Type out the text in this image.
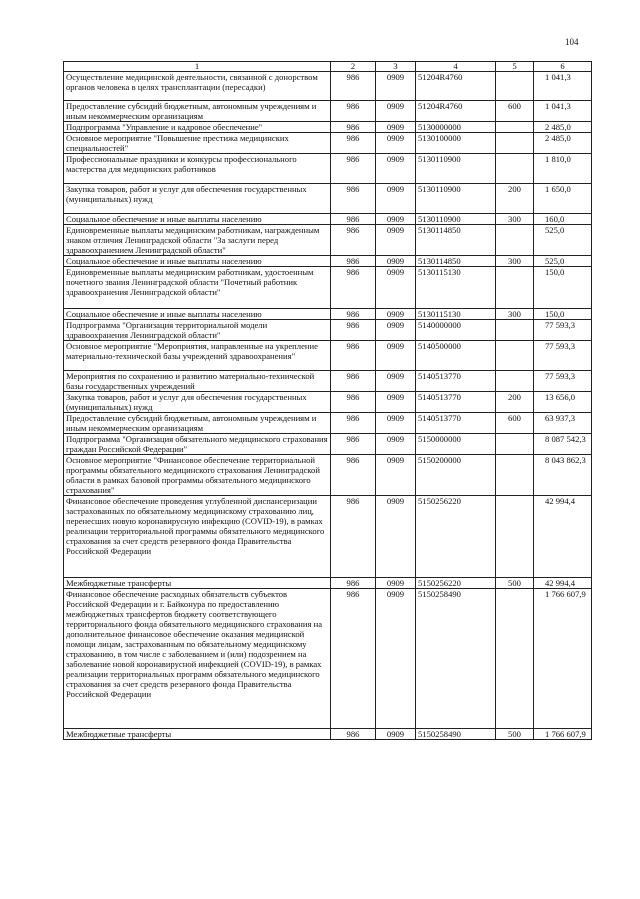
104
1	2	3	4	5	6
Осуществление медицинской деятельности, связанной с донорством органов человека в целях трансплантации (пересадки)	986	0909	51204R4760		1 041,3
Предоставление субсидий бюджетным, автономным учреждениям и иным некоммерческим организациям	986	0909	51204R4760	600	1 041,3
Подпрограмма "Управление и кадровое обеспечение"	986	0909	5130000000		2 485,0
Основное мероприятие "Повышение престижа медицинских специальностей"	986	0909	5130100000		2 485,0
Профессиональные праздники и конкурсы профессионального мастерства для медицинских работников	986	0909	5130110900		1 810,0
Закупка товаров, работ и услуг для обеспечения государственных (муниципальных) нужд	986	0909	5130110900	200	1 650,0
Социальное обеспечение и иные выплаты населению	986	0909	5130110900	300	160,0
Единовременные выплаты медицинским работникам, награжденным знаком отличия Ленинградской области "За заслуги перед здравоохранением Ленинградской области"	986	0909	5130114850		525,0
Социальное обеспечение и иные выплаты населению	986	0909	5130114850	300	525,0
Единовременные выплаты медицинским работникам, удостоенным почетного звания Ленинградской области "Почетный работник здравоохранения Ленинградской области"	986	0909	5130115130		150,0
Социальное обеспечение и иные выплаты населению	986	0909	5130115130	300	150,0
Подпрограмма "Организация территориальной модели здравоохранения Ленинградской области"	986	0909	5140000000		77 593,3
Основное мероприятие "Мероприятия, направленные на укрепление материально-технической базы учреждений здравоохранения"	986	0909	5140500000		77 593,3
Мероприятия по сохранению и развитию материально-технической базы государственных учреждений	986	0909	5140513770		77 593,3
Закупка товаров, работ и услуг для обеспечения государственных (муниципальных) нужд	986	0909	5140513770	200	13 656,0
Предоставление субсидий бюджетным, автономным учреждениям и иным некоммерческим организациям	986	0909	5140513770	600	63 937,3
Подпрограмма "Организация обязательного медицинского страхования граждан Российской Федерации"	986	0909	5150000000		8 087 542,3
Основное мероприятие "Финансовое обеспечение территориальной программы обязательного медицинского страхования Ленинградской области в рамках базовой программы обязательного медицинского страхования"	986	0909	5150200000		8 043 862,3
Финансовое обеспечение проведения углубленной диспансеризации застрахованных по обязательному медицинскому страхованию лиц, перенесших новую коронавирусную инфекцию (COVID-19), в рамках реализации территориальной программы обязательного медицинского страхования за счет средств резервного фонда Правительства Российской Федерации	986	0909	5150256220		42 994,4
Межбюджетные трансферты	986	0909	5150256220	500	42 994,4
Финансовое обеспечение расходных обязательств субъектов Российской Федерации и г. Байконура по предоставлению межбюджетных трансфертов бюджету соответствующего территориального фонда обязательного медицинского страхования на дополнительное финансовое обеспечение оказания медицинской помощи лицам, застрахованным по обязательному медицинскому страхованию, в том числе с заболеванием и (или) подозрением на заболевание новой коронавирусной инфекцией (COVID-19), в рамках реализации территориальных программ обязательного медицинского страхования за счет средств резервного фонда Правительства Российской Федерации	986	0909	5150258490		1 766 607,9
Межбюджетные трансферты	986	0909	5150258490	500	1 766 607,9
